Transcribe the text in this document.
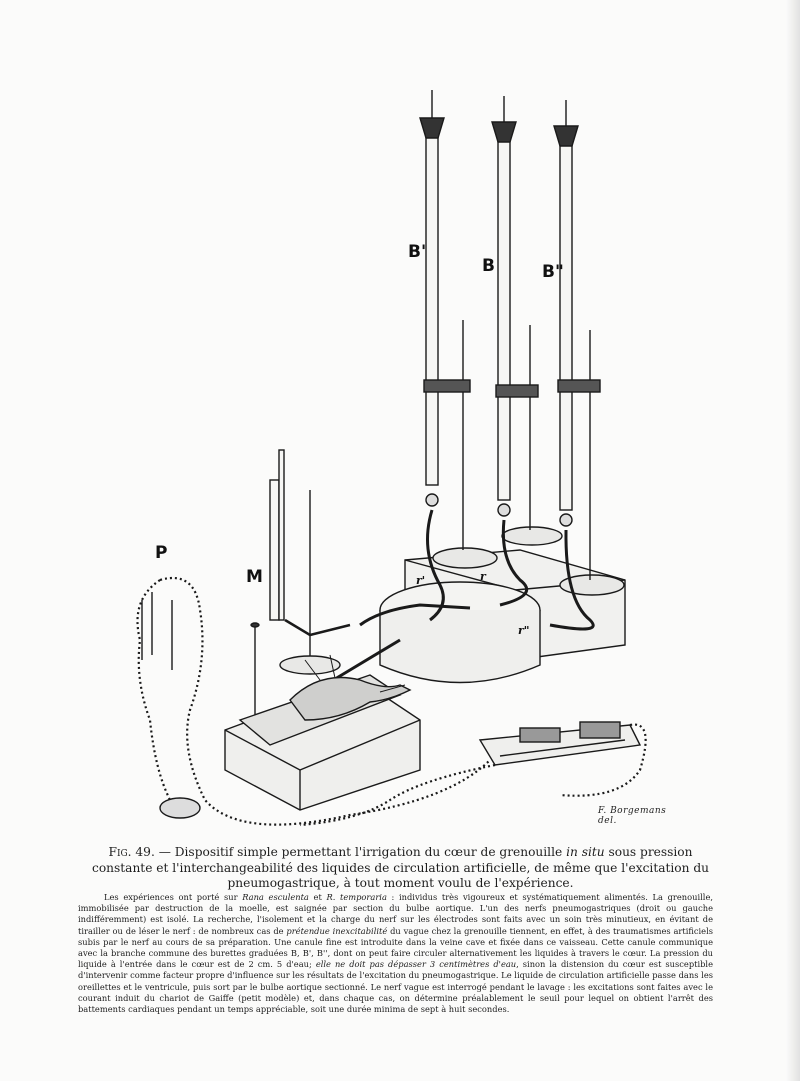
B'
B	B"
P
M	r'	r
r"
F. Borgemans del.
Fig. 49. — Dispositif simple permettant l'irrigation du cœur de grenouille in situ sous pression constante et l'interchangeabilité des liquides de circulation artificielle, de même que l'excitation du pneumogastrique, à tout moment voulu de l'expérience.
Les expériences ont porté sur Rana esculenta et R. temporaria : individus très vigoureux et systématiquement alimentés. La grenouille, immobilisée par destruction de la moelle, est saignée par section du bulbe aortique. L'un des nerfs pneumogastriques (droit ou gauche indifféremment) est isolé. La recherche, l'isolement et la charge du nerf sur les électrodes sont faits avec un soin très minutieux, en évitant de tirailler ou de léser le nerf : de nombreux cas de prétendue inexcitabilité du vague chez la grenouille tiennent, en effet, à des traumatismes artificiels subis par le nerf au cours de sa préparation. Une canule fine est introduite dans la veine cave et fixée dans ce vaisseau. Cette canule communique avec la branche commune des burettes graduées B, B', B'', dont on peut faire circuler alternativement les liquides à travers le cœur. La pression du liquide à l'entrée dans le cœur est de 2 cm. 5 d'eau; elle ne doit pas dépasser 3 centimètres d'eau, sinon la distension du cœur est susceptible d'intervenir comme facteur propre d'influence sur les résultats de l'excitation du pneumogastrique. Le liquide de circulation artificielle passe dans les oreillettes et le ventricule, puis sort par le bulbe aortique sectionné. Le nerf vague est interrogé pendant le lavage : les excitations sont faites avec le courant induit du chariot de Gaiffe (petit modèle) et, dans chaque cas, on détermine préalablement le seuil pour lequel on obtient l'arrêt des battements cardiaques pendant un temps appréciable, soit une durée minima de sept à huit secondes.
